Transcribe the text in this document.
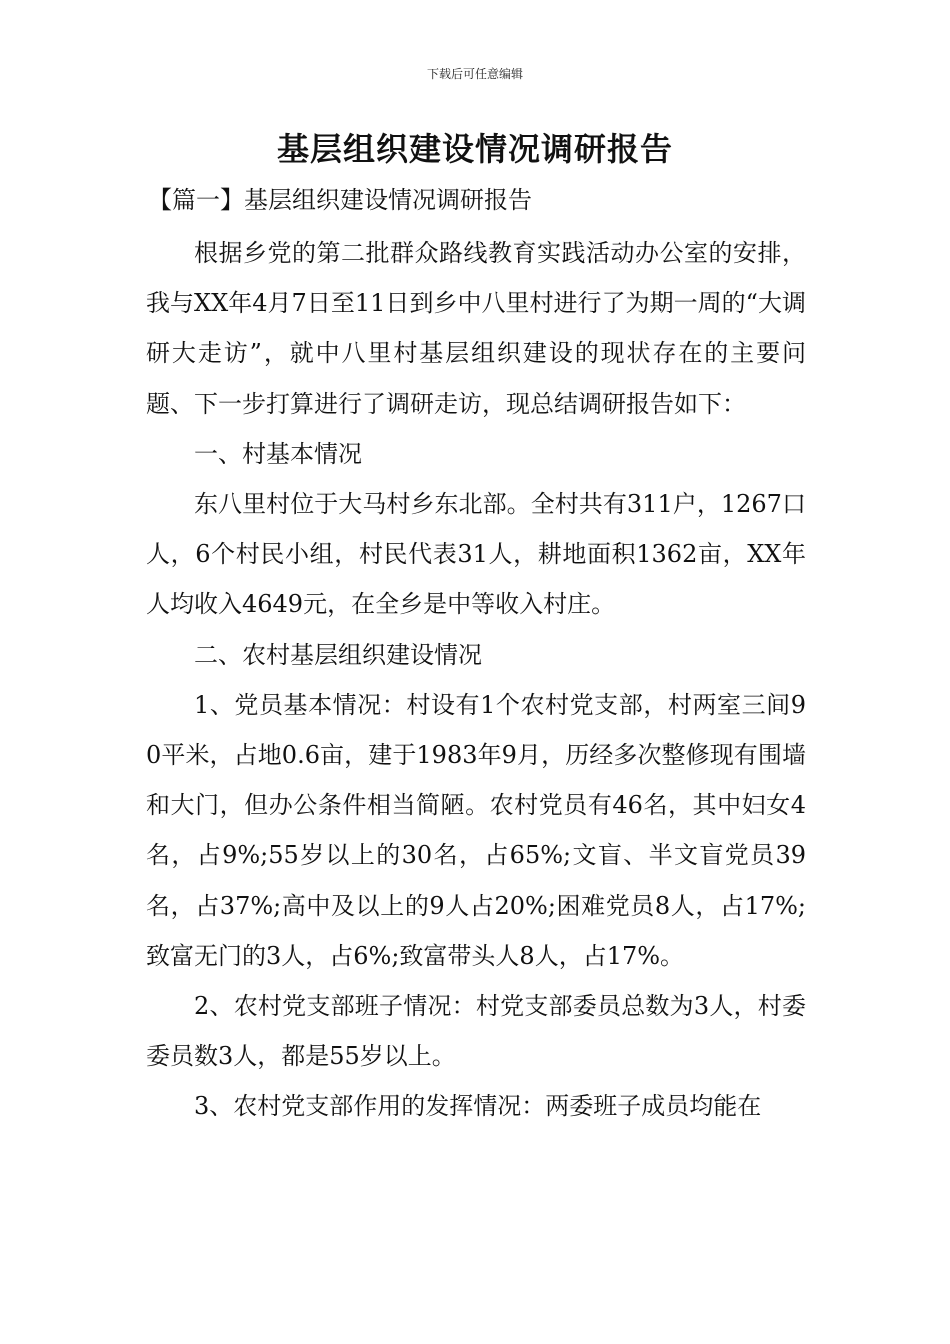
下载后可任意编辑
基层组织建设情况调研报告
【篇一】基层组织建设情况调研报告

根据乡党的第二批群众路线教育实践活动办公室的安排，我与XX年4月7日至11日到乡中八里村进行了为期一周的“大调研大走访”，就中八里村基层组织建设的现状存在的主要问题、下一步打算进行了调研走访，现总结调研报告如下：

一、村基本情况

东八里村位于大马村乡东北部。全村共有311户，1267口人，6个村民小组，村民代表31人，耕地面积1362亩，XX年人均收入4649元，在全乡是中等收入村庄。

二、农村基层组织建设情况

1、党员基本情况：村设有1个农村党支部，村两室三间90平米，占地0.6亩，建于1983年9月，历经多次整修现有围墙和大门，但办公条件相当简陋。农村党员有46名，其中妇女4名，占9%;55岁以上的30名，占65%;文盲、半文盲党员39名，占37%;高中及以上的9人占20%;困难党员8人，占17%;致富无门的3人，占6%;致富带头人8人，占17%。

2、农村党支部班子情况：村党支部委员总数为3人，村委委员数3人，都是55岁以上。

3、农村党支部作用的发挥情况：两委班子成员均能在
